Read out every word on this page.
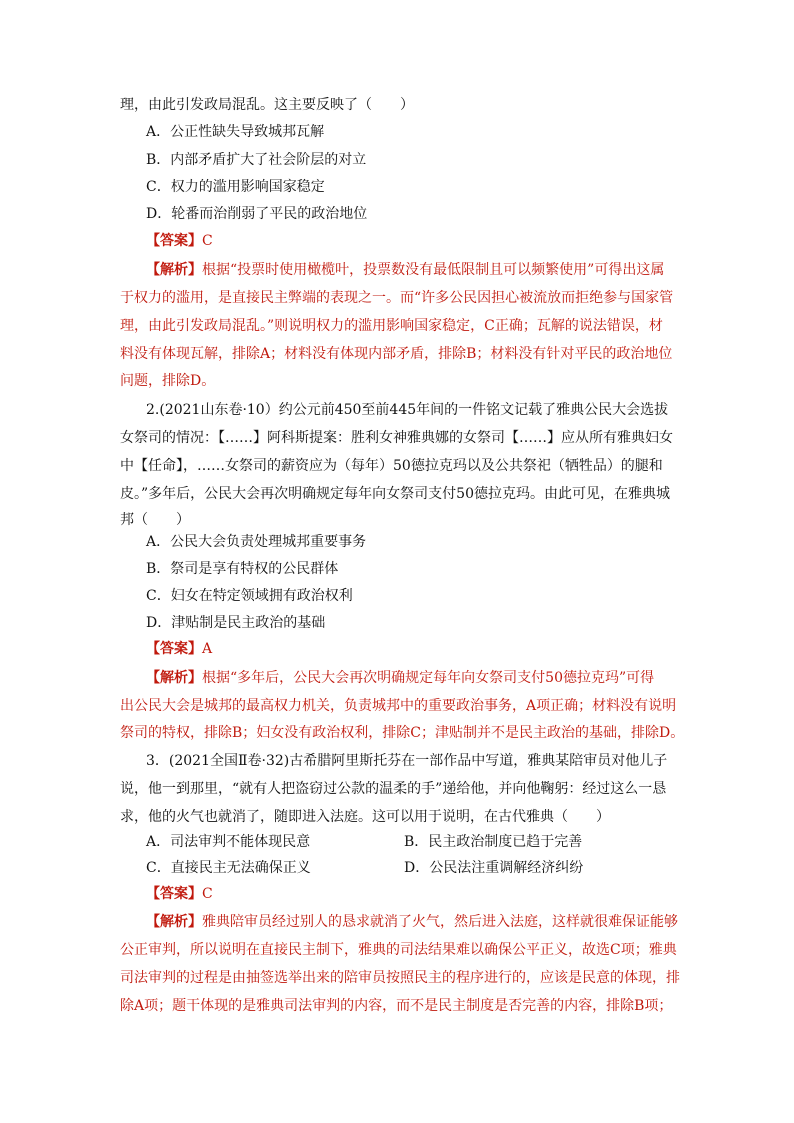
理，由此引发政局混乱。这主要反映了（　　）
A．公正性缺失导致城邦瓦解
B．内部矛盾扩大了社会阶层的对立
C．权力的滥用影响国家稳定
D．轮番而治削弱了平民的政治地位
【答案】C
【解析】根据“投票时使用橄榄叶，投票数没有最低限制且可以频繁使用”可得出这属
于权力的滥用，是直接民主弊端的表现之一。而“许多公民因担心被流放而拒绝参与国家管
理，由此引发政局混乱。”则说明权力的滥用影响国家稳定，C正确；瓦解的说法错误，材
料没有体现瓦解，排除A；材料没有体现内部矛盾，排除B；材料没有针对平民的政治地位
问题，排除D。
2.(2021山东卷·10）约公元前450至前445年间的一件铭文记载了雅典公民大会选拔
女祭司的情况：【……】阿科斯提案：胜利女神雅典娜的女祭司【……】应从所有雅典妇女
中【任命】，……女祭司的薪资应为（每年）50德拉克玛以及公共祭祀（牺牲品）的腿和
皮。”多年后，公民大会再次明确规定每年向女祭司支付50德拉克玛。由此可见，在雅典城
邦（　　）
A．公民大会负责处理城邦重要事务
B．祭司是享有特权的公民群体
C．妇女在特定领域拥有政治权利
D．津贴制是民主政治的基础
【答案】A
【解析】根据“多年后，公民大会再次明确规定每年向女祭司支付50德拉克玛”可得
出公民大会是城邦的最高权力机关，负责城邦中的重要政治事务，A项正确；材料没有说明
祭司的特权，排除B；妇女没有政治权利，排除C；津贴制并不是民主政治的基础，排除D。
3．(2021全国Ⅱ卷·32)古希腊阿里斯托芬在一部作品中写道，雅典某陪审员对他儿子
说，他一到那里，“就有人把盗窃过公款的温柔的手”递给他，并向他鞠躬：经过这么一恳
求，他的火气也就消了，随即进入法庭。这可以用于说明，在古代雅典（　　）
A．司法审判不能体现民意	B．民主政治制度已趋于完善
C．直接民主无法确保正义	D．公民法注重调解经济纠纷
【答案】C
【解析】雅典陪审员经过别人的恳求就消了火气，然后进入法庭，这样就很难保证能够
公正审判，所以说明在直接民主制下，雅典的司法结果难以确保公平正义，故选C项；雅典
司法审判的过程是由抽签选举出来的陪审员按照民主的程序进行的，应该是民意的体现，排
除A项；题干体现的是雅典司法审判的内容，而不是民主制度是否完善的内容，排除B项；
